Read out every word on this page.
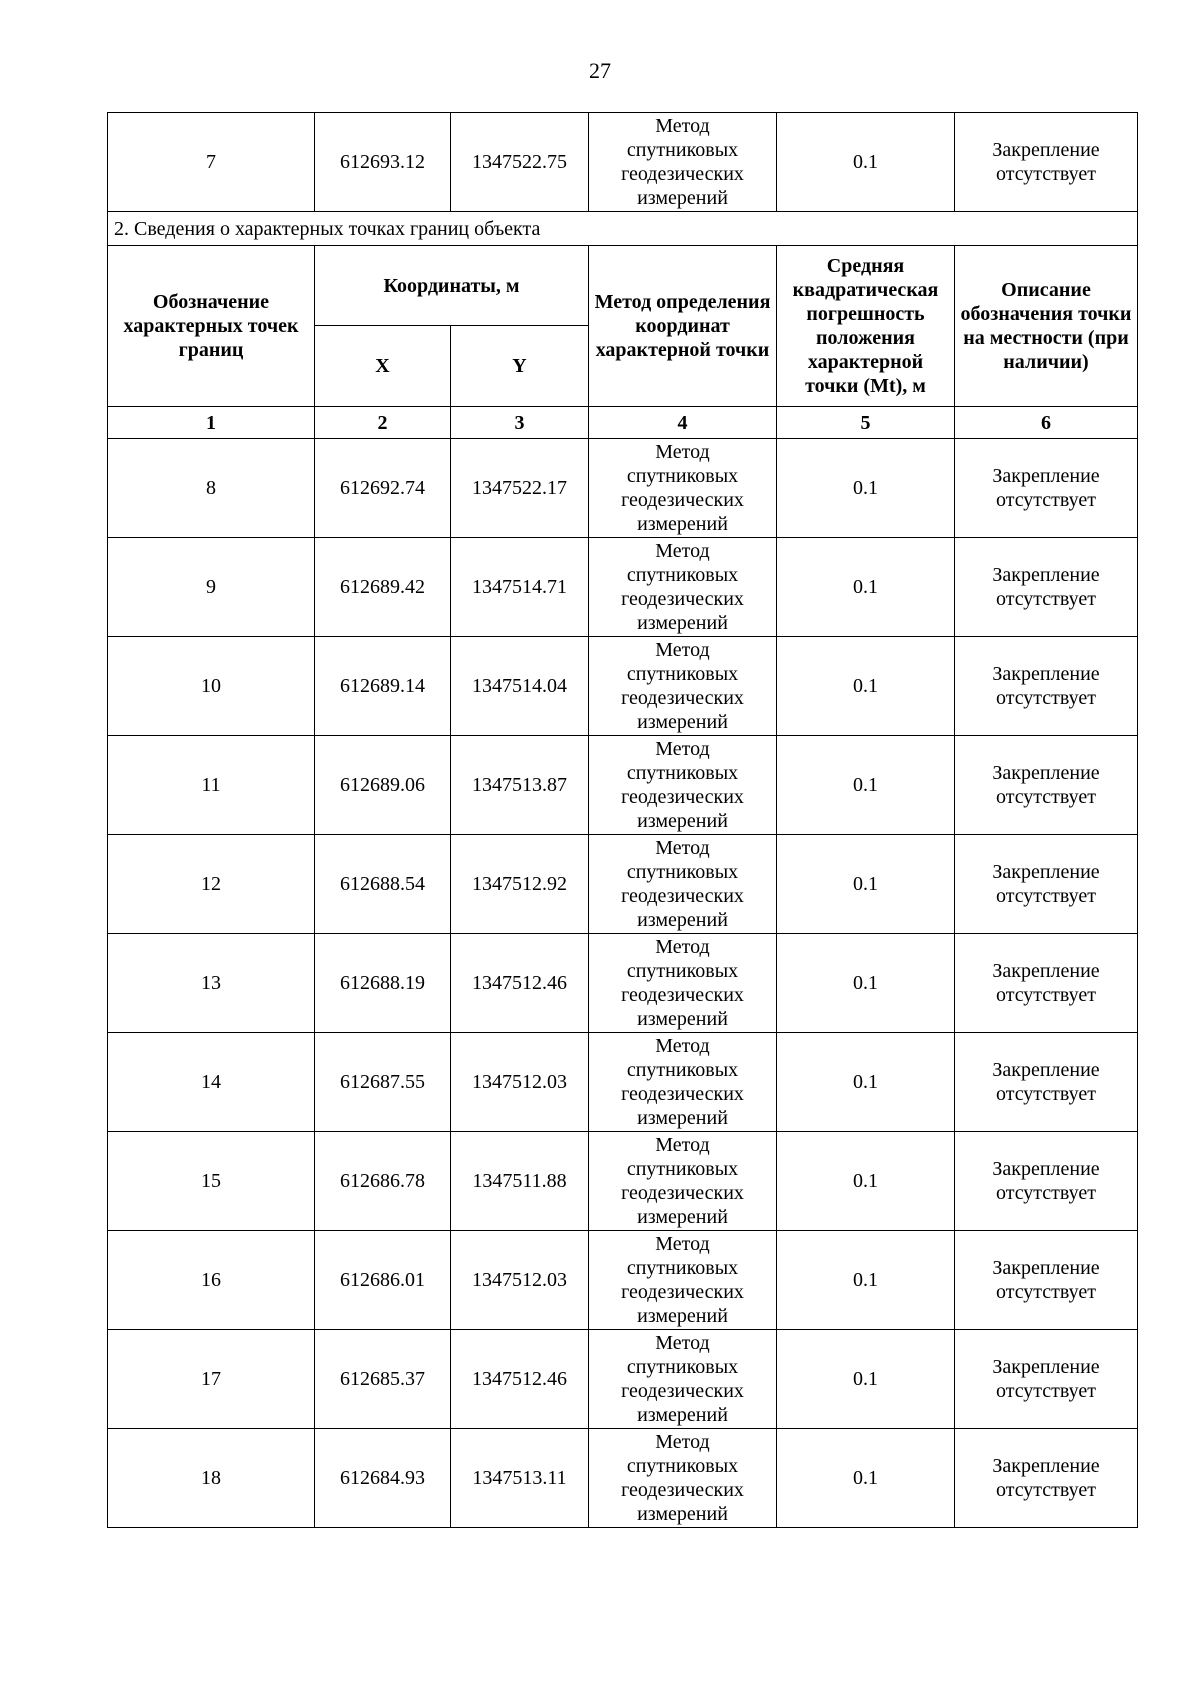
27
7	612693.12	1347522.75	Метод
спутниковых
геодезических
измерений	0.1	Закрепление отсутствует
2. Сведения о характерных точках границ объекта					
Обозначение характерных точек границ	Координаты, м		Метод определения координат характерной точки	Средняя квадратическая погрешность положения характерной точки (Mt), м	Описание обозначения точки на местности (при наличии)
	X	Y			
1	2	3	4	5	6
8	612692.74	1347522.17	Метод
спутниковых
геодезических
измерений	0.1	Закрепление отсутствует
9	612689.42	1347514.71	Метод
спутниковых
геодезических
измерений	0.1	Закрепление отсутствует
10	612689.14	1347514.04	Метод
спутниковых
геодезических
измерений	0.1	Закрепление отсутствует
11	612689.06	1347513.87	Метод
спутниковых
геодезических
измерений	0.1	Закрепление отсутствует
12	612688.54	1347512.92	Метод
спутниковых
геодезических
измерений	0.1	Закрепление отсутствует
13	612688.19	1347512.46	Метод
спутниковых
геодезических
измерений	0.1	Закрепление отсутствует
14	612687.55	1347512.03	Метод
спутниковых
геодезических
измерений	0.1	Закрепление отсутствует
15	612686.78	1347511.88	Метод
спутниковых
геодезических
измерений	0.1	Закрепление отсутствует
16	612686.01	1347512.03	Метод
спутниковых
геодезических
измерений	0.1	Закрепление отсутствует
17	612685.37	1347512.46	Метод
спутниковых
геодезических
измерений	0.1	Закрепление отсутствует
18	612684.93	1347513.11	Метод
спутниковых
геодезических
измерений	0.1	Закрепление отсутствует
